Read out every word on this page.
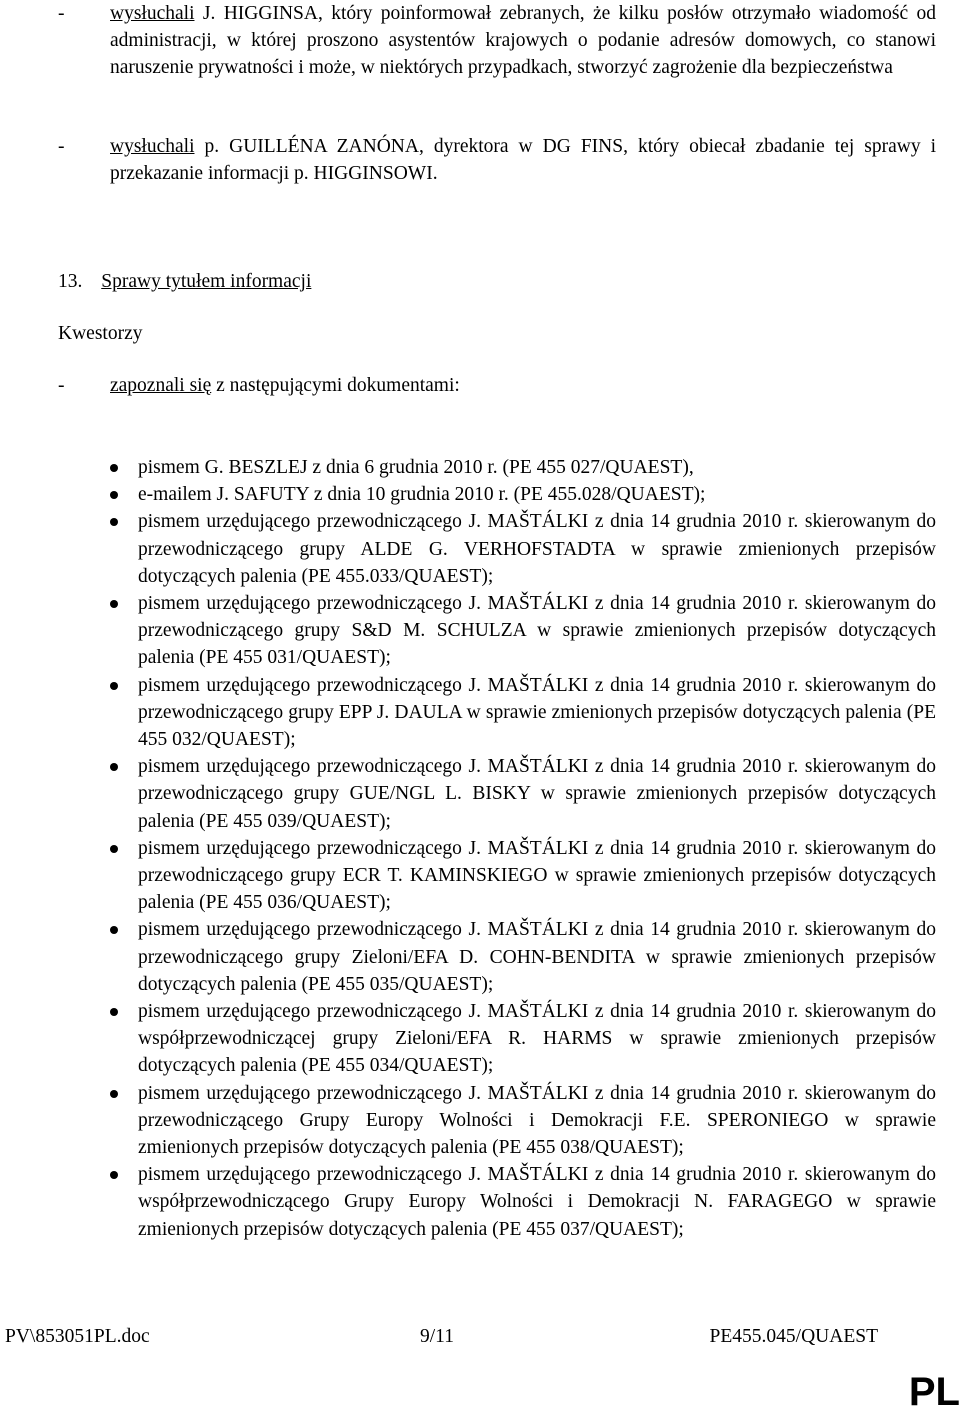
- wysłuchali J. HIGGINSA, który poinformował zebranych, że kilku posłów otrzymało wiadomość od administracji, w której proszono asystentów krajowych o podanie adresów domowych, co stanowi naruszenie prywatności i może, w niektórych przypadkach, stworzyć zagrożenie dla bezpieczeństwa
- wysłuchali p. GUILLÉNA ZANÓNA, dyrektora w DG FINS, który obiecał zbadanie tej sprawy i przekazanie informacji p. HIGGINSOWI.
13. Sprawy tytułem informacji
Kwestorzy
- zapoznali się z następującymi dokumentami:
pismem G. BESZLEJ z dnia 6 grudnia 2010 r. (PE 455 027/QUAEST),
e-mailem J. SAFUTY z dnia 10 grudnia 2010 r. (PE 455.028/QUAEST);
pismem urzędującego przewodniczącego J. MAŠTÁLKI z dnia 14 grudnia 2010 r. skierowanym do przewodniczącego grupy ALDE G. VERHOFSTADTA w sprawie zmienionych przepisów dotyczących palenia (PE 455.033/QUAEST);
pismem urzędującego przewodniczącego J. MAŠTÁLKI z dnia 14 grudnia 2010 r. skierowanym do przewodniczącego grupy S&D M. SCHULZA w sprawie zmienionych przepisów dotyczących palenia (PE 455 031/QUAEST);
pismem urzędującego przewodniczącego J. MAŠTÁLKI z dnia 14 grudnia 2010 r. skierowanym do przewodniczącego grupy EPP J. DAULA w sprawie zmienionych przepisów dotyczących palenia (PE 455 032/QUAEST);
pismem urzędującego przewodniczącego J. MAŠTÁLKI z dnia 14 grudnia 2010 r. skierowanym do przewodniczącego grupy GUE/NGL L. BISKY w sprawie zmienionych przepisów dotyczących palenia (PE 455 039/QUAEST);
pismem urzędującego przewodniczącego J. MAŠTÁLKI z dnia 14 grudnia 2010 r. skierowanym do przewodniczącego grupy ECR T. KAMINSKIEGO w sprawie zmienionych przepisów dotyczących palenia (PE 455 036/QUAEST);
pismem urzędującego przewodniczącego J. MAŠTÁLKI z dnia 14 grudnia 2010 r. skierowanym do przewodniczącego grupy Zieloni/EFA D. COHN-BENDITA w sprawie zmienionych przepisów dotyczących palenia (PE 455 035/QUAEST);
pismem urzędującego przewodniczącego J. MAŠTÁLKI z dnia 14 grudnia 2010 r. skierowanym do współprzewodniczącej grupy Zieloni/EFA R. HARMS w sprawie zmienionych przepisów dotyczących palenia (PE 455 034/QUAEST);
pismem urzędującego przewodniczącego J. MAŠTÁLKI z dnia 14 grudnia 2010 r. skierowanym do przewodniczącego Grupy Europy Wolności i Demokracji F.E. SPERONIEGO w sprawie zmienionych przepisów dotyczących palenia (PE 455 038/QUAEST);
pismem urzędującego przewodniczącego J. MAŠTÁLKI z dnia 14 grudnia 2010 r. skierowanym do współprzewodniczącego Grupy Europy Wolności i Demokracji N. FARAGEGO w sprawie zmienionych przepisów dotyczących palenia (PE 455 037/QUAEST);
PV\853051PL.doc	9/11	PE455.045/QUAEST
PL
